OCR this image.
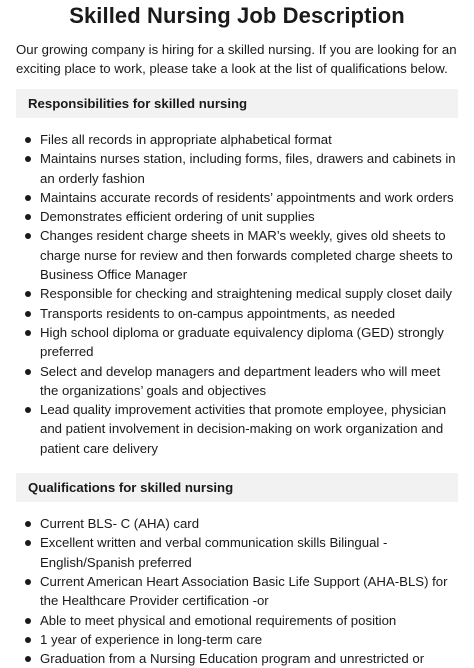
Skilled Nursing Job Description

Our growing company is hiring for a skilled nursing. If you are looking for an exciting place to work, please take a look at the list of qualifications below.

Responsibilities for skilled nursing
Files all records in appropriate alphabetical format
Maintains nurses station, including forms, files, drawers and cabinets in an orderly fashion
Maintains accurate records of residents’ appointments and work orders
Demonstrates efficient ordering of unit supplies
Changes resident charge sheets in MAR’s weekly, gives old sheets to charge nurse for review and then forwards completed charge sheets to Business Office Manager
Responsible for checking and straightening medical supply closet daily
Transports residents to on-campus appointments, as needed
High school diploma or graduate equivalency diploma (GED) strongly preferred
Select and develop managers and department leaders who will meet the organizations’ goals and objectives
Lead quality improvement activities that promote employee, physician and patient involvement in decision-making on work organization and patient care delivery
Qualifications for skilled nursing
Current BLS- C (AHA) card
Excellent written and verbal communication skills Bilingual - English/Spanish preferred
Current American Heart Association Basic Life Support (AHA-BLS) for the Healthcare Provider certification -or
Able to meet physical and emotional requirements of position
1 year of experience in long-term care
Graduation from a Nursing Education program and unrestricted or
